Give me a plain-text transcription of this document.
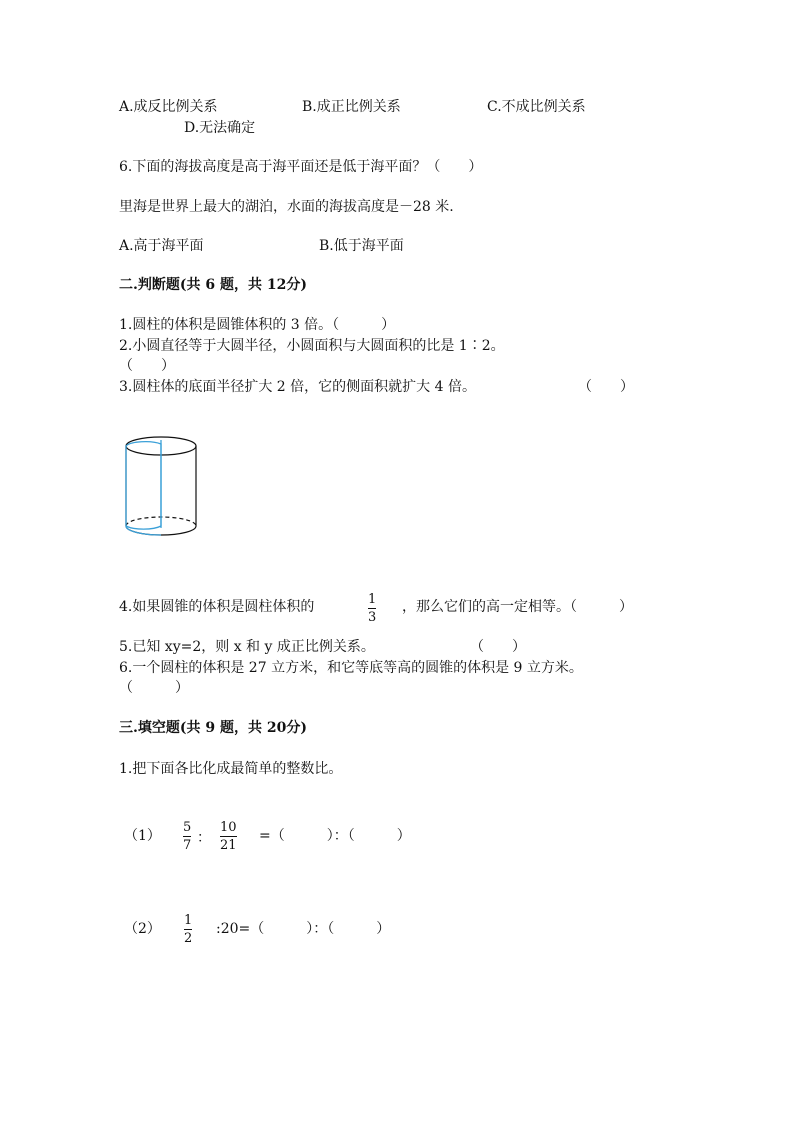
A.成反比例关系	B.成正比例关系	C.不成比例关系
D.无法确定
6.下面的海拔高度是高于海平面还是低于海平面？（　　）
里海是世界上最大的湖泊，水面的海拔高度是－28 米.
A.高于海平面	B.低于海平面
二.判断题(共 6 题，共 12分)
1.圆柱的体积是圆锥体积的 3 倍。（　　　）
2.小圆直径等于大圆半径，小圆面积与大圆面积的比是 1∶2。
（　　）
3.圆柱体的底面半径扩大 2 倍，它的侧面积就扩大 4 倍。	（　　）
4.如果圆锥的体积是圆柱体积的	1
3
，那么它们的高一定相等。（　　　）
5.已知 xy=2，则 x 和 y 成正比例关系。	（　　）
6.一个圆柱的体积是 27 立方米，和它等底等高的圆锥的体积是 9 立方米。
（　　　）
三.填空题(共 9 题，共 20分)
1.把下面各比化成最简单的整数比。
（1）
5
7 ：
10
21
=（　　　）：（　　　）
（2）
1
2
:20=（　　　）：（　　　）
